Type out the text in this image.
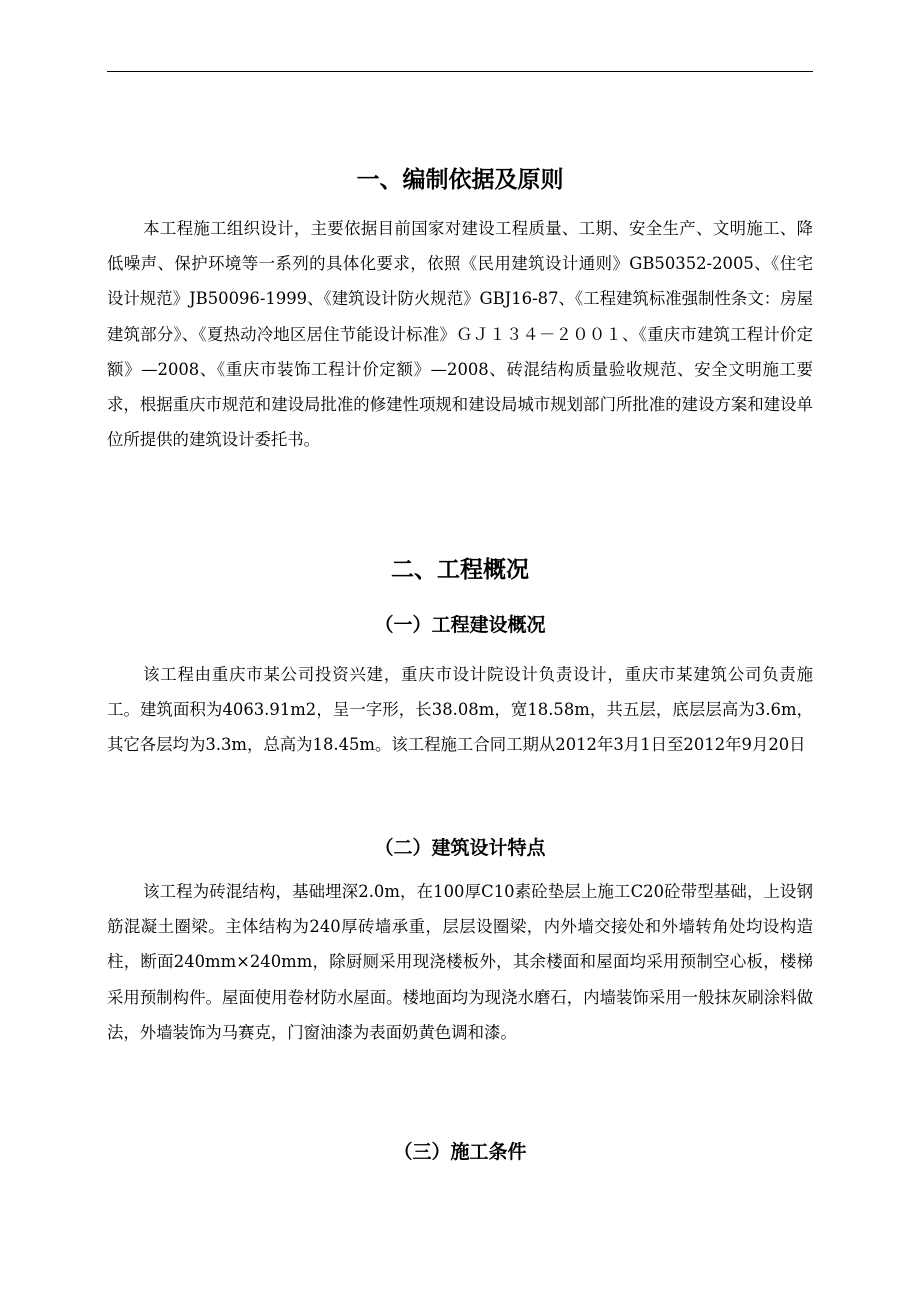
一、编制依据及原则

本工程施工组织设计，主要依据目前国家对建设工程质量、工期、安全生产、文明施工、降低噪声、保护环境等一系列的具体化要求，依照《民用建筑设计通则》GB50352-2005、《住宅设计规范》JB50096-1999、《建筑设计防火规范》GBJ16-87、《工程建筑标准强制性条文：房屋建筑部分》、《夏热动冷地区居住节能设计标准》ＧＪ１３４－２００１、《重庆市建筑工程计价定额》—2008、《重庆市装饰工程计价定额》—2008、砖混结构质量验收规范、安全文明施工要求，根据重庆市规范和建设局批准的修建性项规和建设局城市规划部门所批准的建设方案和建设单位所提供的建筑设计委托书。

二、工程概况
（一）工程建设概况

该工程由重庆市某公司投资兴建，重庆市设计院设计负责设计，重庆市某建筑公司负责施工。建筑面积为4063.91m2，呈一字形，长38.08m，宽18.58m，共五层，底层层高为3.6m，其它各层均为3.3m，总高为18.45m。该工程施工合同工期从2012年3月1日至2012年9月20日

（二）建筑设计特点

该工程为砖混结构，基础埋深2.0m，在100厚C10素砼垫层上施工C20砼带型基础，上设钢筋混凝土圈梁。主体结构为240厚砖墙承重，层层设圈梁，内外墙交接处和外墙转角处均设构造柱，断面240mm×240mm，除厨厕采用现浇楼板外，其余楼面和屋面均采用预制空心板，楼梯采用预制构件。屋面使用卷材防水屋面。楼地面均为现浇水磨石，内墙装饰采用一般抹灰刷涂料做法，外墙装饰为马赛克，门窗油漆为表面奶黄色调和漆。

（三）施工条件
